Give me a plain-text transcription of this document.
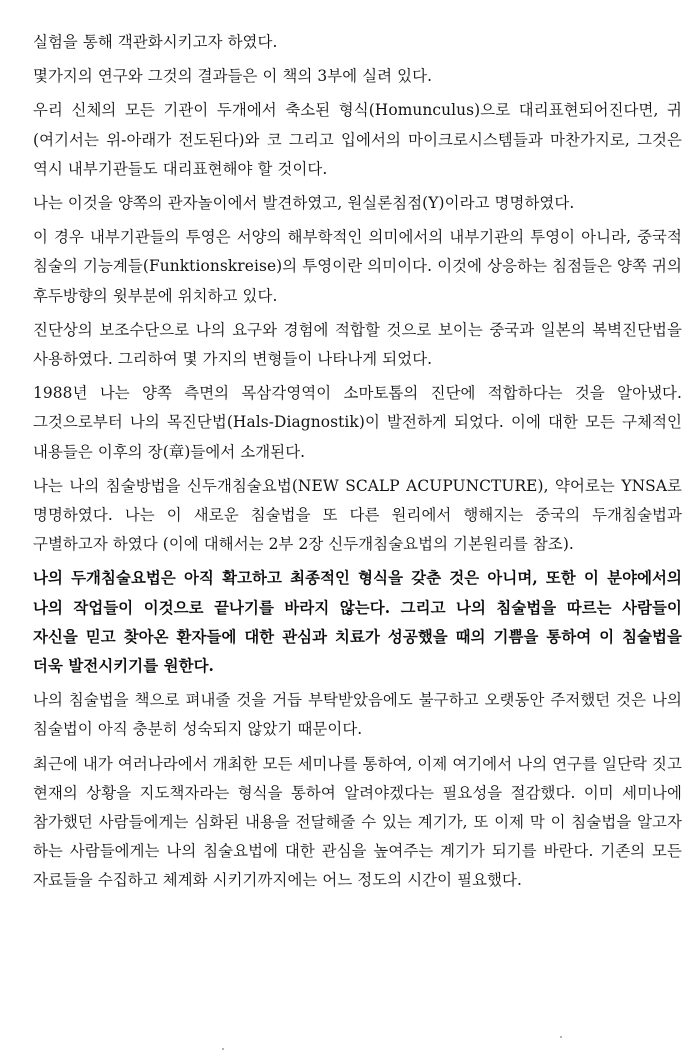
실험을 통해 객관화시키고자 하였다.

몇가지의 연구와 그것의 결과들은 이 책의 3부에 실려 있다.

우리 신체의 모든 기관이 두개에서 축소된 형식(Homunculus)으로 대리표현되어진다면, 귀(여기서는 위-아래가 전도된다)와 코 그리고 입에서의 마이크로시스템들과 마찬가지로, 그것은 역시 내부기관들도 대리표현해야 할 것이다.

나는 이것을 양쪽의 관자놀이에서 발견하였고, 원실론침점(Y)이라고 명명하였다.

이 경우 내부기관들의 투영은 서양의 해부학적인 의미에서의 내부기관의 투영이 아니라, 중국적 침술의 기능계들(Funktionskreise)의 투영이란 의미이다. 이것에 상응하는 침점들은 양쪽 귀의 후두방향의 윗부분에 위치하고 있다.

진단상의 보조수단으로 나의 요구와 경험에 적합할 것으로 보이는 중국과 일본의 복벽진단법을 사용하였다. 그리하여 몇 가지의 변형들이 나타나게 되었다.

1988년 나는 양쪽 측면의 목삼각영역이 소마토톱의 진단에 적합하다는 것을 알아냈다. 그것으로부터 나의 목진단법(Hals-Diagnostik)이 발전하게 되었다. 이에 대한 모든 구체적인 내용들은 이후의 장(章)들에서 소개된다.

나는 나의 침술방법을 신두개침술요법(NEW SCALP ACUPUNCTURE), 약어로는 YNSA로 명명하였다. 나는 이 새로운 침술법을 또 다른 원리에서 행해지는 중국의 두개침술법과 구별하고자 하였다 (이에 대해서는 2부 2장 신두개침술요법의 기본원리를 참조).

나의 두개침술요법은 아직 확고하고 최종적인 형식을 갖춘 것은 아니며, 또한 이 분야에서의 나의 작업들이 이것으로 끝나기를 바라지 않는다. 그리고 나의 침술법을 따르는 사람들이 자신을 믿고 찾아온 환자들에 대한 관심과 치료가 성공했을 때의 기쁨을 통하여 이 침술법을 더욱 발전시키기를 원한다.

나의 침술법을 책으로 펴내줄 것을 거듭 부탁받았음에도 불구하고 오랫동안 주저했던 것은 나의 침술법이 아직 충분히 성숙되지 않았기 때문이다.

최근에 내가 여러나라에서 개최한 모든 세미나를 통하여, 이제 여기에서 나의 연구를 일단락 짓고 현재의 상황을 지도책자라는 형식을 통하여 알려야겠다는 필요성을 절감했다. 이미 세미나에 참가했던 사람들에게는 심화된 내용을 전달해줄 수 있는 계기가, 또 이제 막 이 침술법을 알고자 하는 사람들에게는 나의 침술요법에 대한 관심을 높여주는 계기가 되기를 바란다. 기존의 모든 자료들을 수집하고 체계화 시키기까지에는 어느 정도의 시간이 필요했다.
